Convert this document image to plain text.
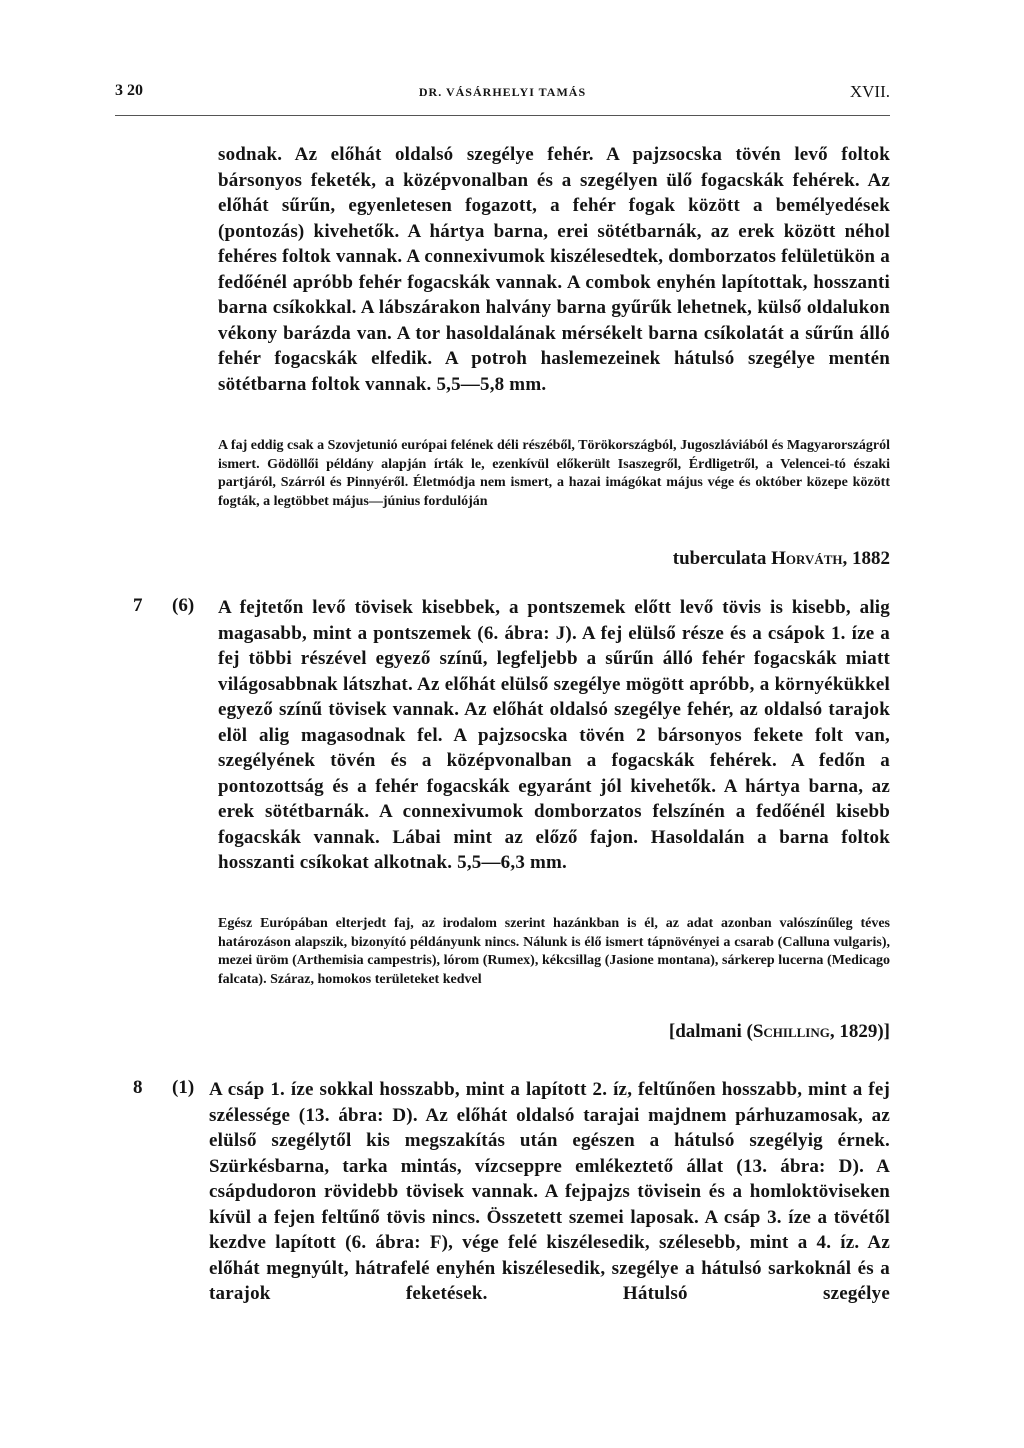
3 20	DR. VÁSÁRHELYI TAMÁS	XVII.

sodnak. Az előhát oldalsó szegélye fehér. A pajzsocska tövén levő foltok bársonyos feketék, a középvonalban és a szegélyen ülő fogacskák fehérek. Az előhát sűrűn, egyenletesen fogazott, a fehér fogak között a bemélyedések (pontozás) kivehetők. A hártya barna, erei sötétbarnák, az erek között néhol fehéres foltok vannak. A connexivumok kiszélesedtek, domborzatos felületükön a fedőénél apróbb fehér fogacskák vannak. A combok enyhén lapítottak, hosszanti barna csíkokkal. A lábszárakon halvány barna gyűrűk lehetnek, külső oldalukon vékony barázda van. A tor hasoldalának mérsékelt barna csíkolatát a sűrűn álló fehér fogacskák elfedik. A potroh haslemezeinek hátulsó szegélye mentén sötétbarna foltok vannak. 5,5—5,8 mm.

A faj eddig csak a Szovjetunió európai felének déli részéből, Törökországból, Jugoszláviából és Magyarországról ismert. Gödöllői példány alapján írták le, ezenkívül előkerült Isaszegről, Érdligetről, a Velencei-tó északi partjáról, Szárról és Pinnyéről. Életmódja nem ismert, a hazai imágókat május vége és október közepe között fogták, a legtöbbet május—június fordulóján

tuberculata Horváth, 1882
7 (6) A fejtetőn levő tövisek kisebbek, a pontszemek előtt levő tövis is kisebb, alig magasabb, mint a pontszemek (6. ábra: J). A fej elülső része és a csápok 1. íze a fej többi részével egyező színű, legfeljebb a sűrűn álló fehér fogacskák miatt világosabbnak látszhat. Az előhát elülső szegélye mögött apróbb, a környékükkel egyező színű tövisek vannak. Az előhát oldalsó szegélye fehér, az oldalsó tarajok elöl alig magasodnak fel. A pajzsocska tövén 2 bársonyos fekete folt van, szegélyének tövén és a középvonalban a fogacskák fehérek. A fedőn a pontozottság és a fehér fogacskák egyaránt jól kivehetők. A hártya barna, az erek sötétbarnák. A connexivumok domborzatos felszínén a fedőénél kisebb fogacskák vannak. Lábai mint az előző fajon. Hasoldalán a barna foltok hosszanti csíkokat alkotnak. 5,5—6,3 mm.

Egész Európában elterjedt faj, az irodalom szerint hazánkban is él, az adat azonban valószínűleg téves határozáson alapszik, bizonyító példányunk nincs. Nálunk is élő ismert tápnövényei a csarab (Calluna vulgaris), mezei üröm (Arthemisia campestris), lórom (Rumex), kékcsillag (Jasione montana), sárkerep lucerna (Medicago falcata). Száraz, homokos területeket kedvel

[dalmani (Schilling, 1829)]
8 (1) A csáp 1. íze sokkal hosszabb, mint a lapított 2. íz, feltűnően hosszabb, mint a fej szélessége (13. ábra: D). Az előhát oldalsó tarajai majdnem párhuzamosak, az elülső szegélytől kis megszakítás után egészen a hátulsó szegélyig érnek. Szürkésbarna, tarka mintás, vízcseppre emlékeztető állat (13. ábra: D). A csápdudoron rövidebb tövisek vannak. A fejpajzs tövisein és a homloktöviseken kívül a fejen feltűnő tövis nincs. Összetett szemei laposak. A csáp 3. íze a tövétől kezdve lapított (6. ábra: F), vége felé kiszélesedik, szélesebb, mint a 4. íz. Az előhát megnyúlt, hátrafelé enyhén kiszélesedik, szegélye a hátulsó sarkoknál és a tarajok feketések. Hátulsó szegélye
